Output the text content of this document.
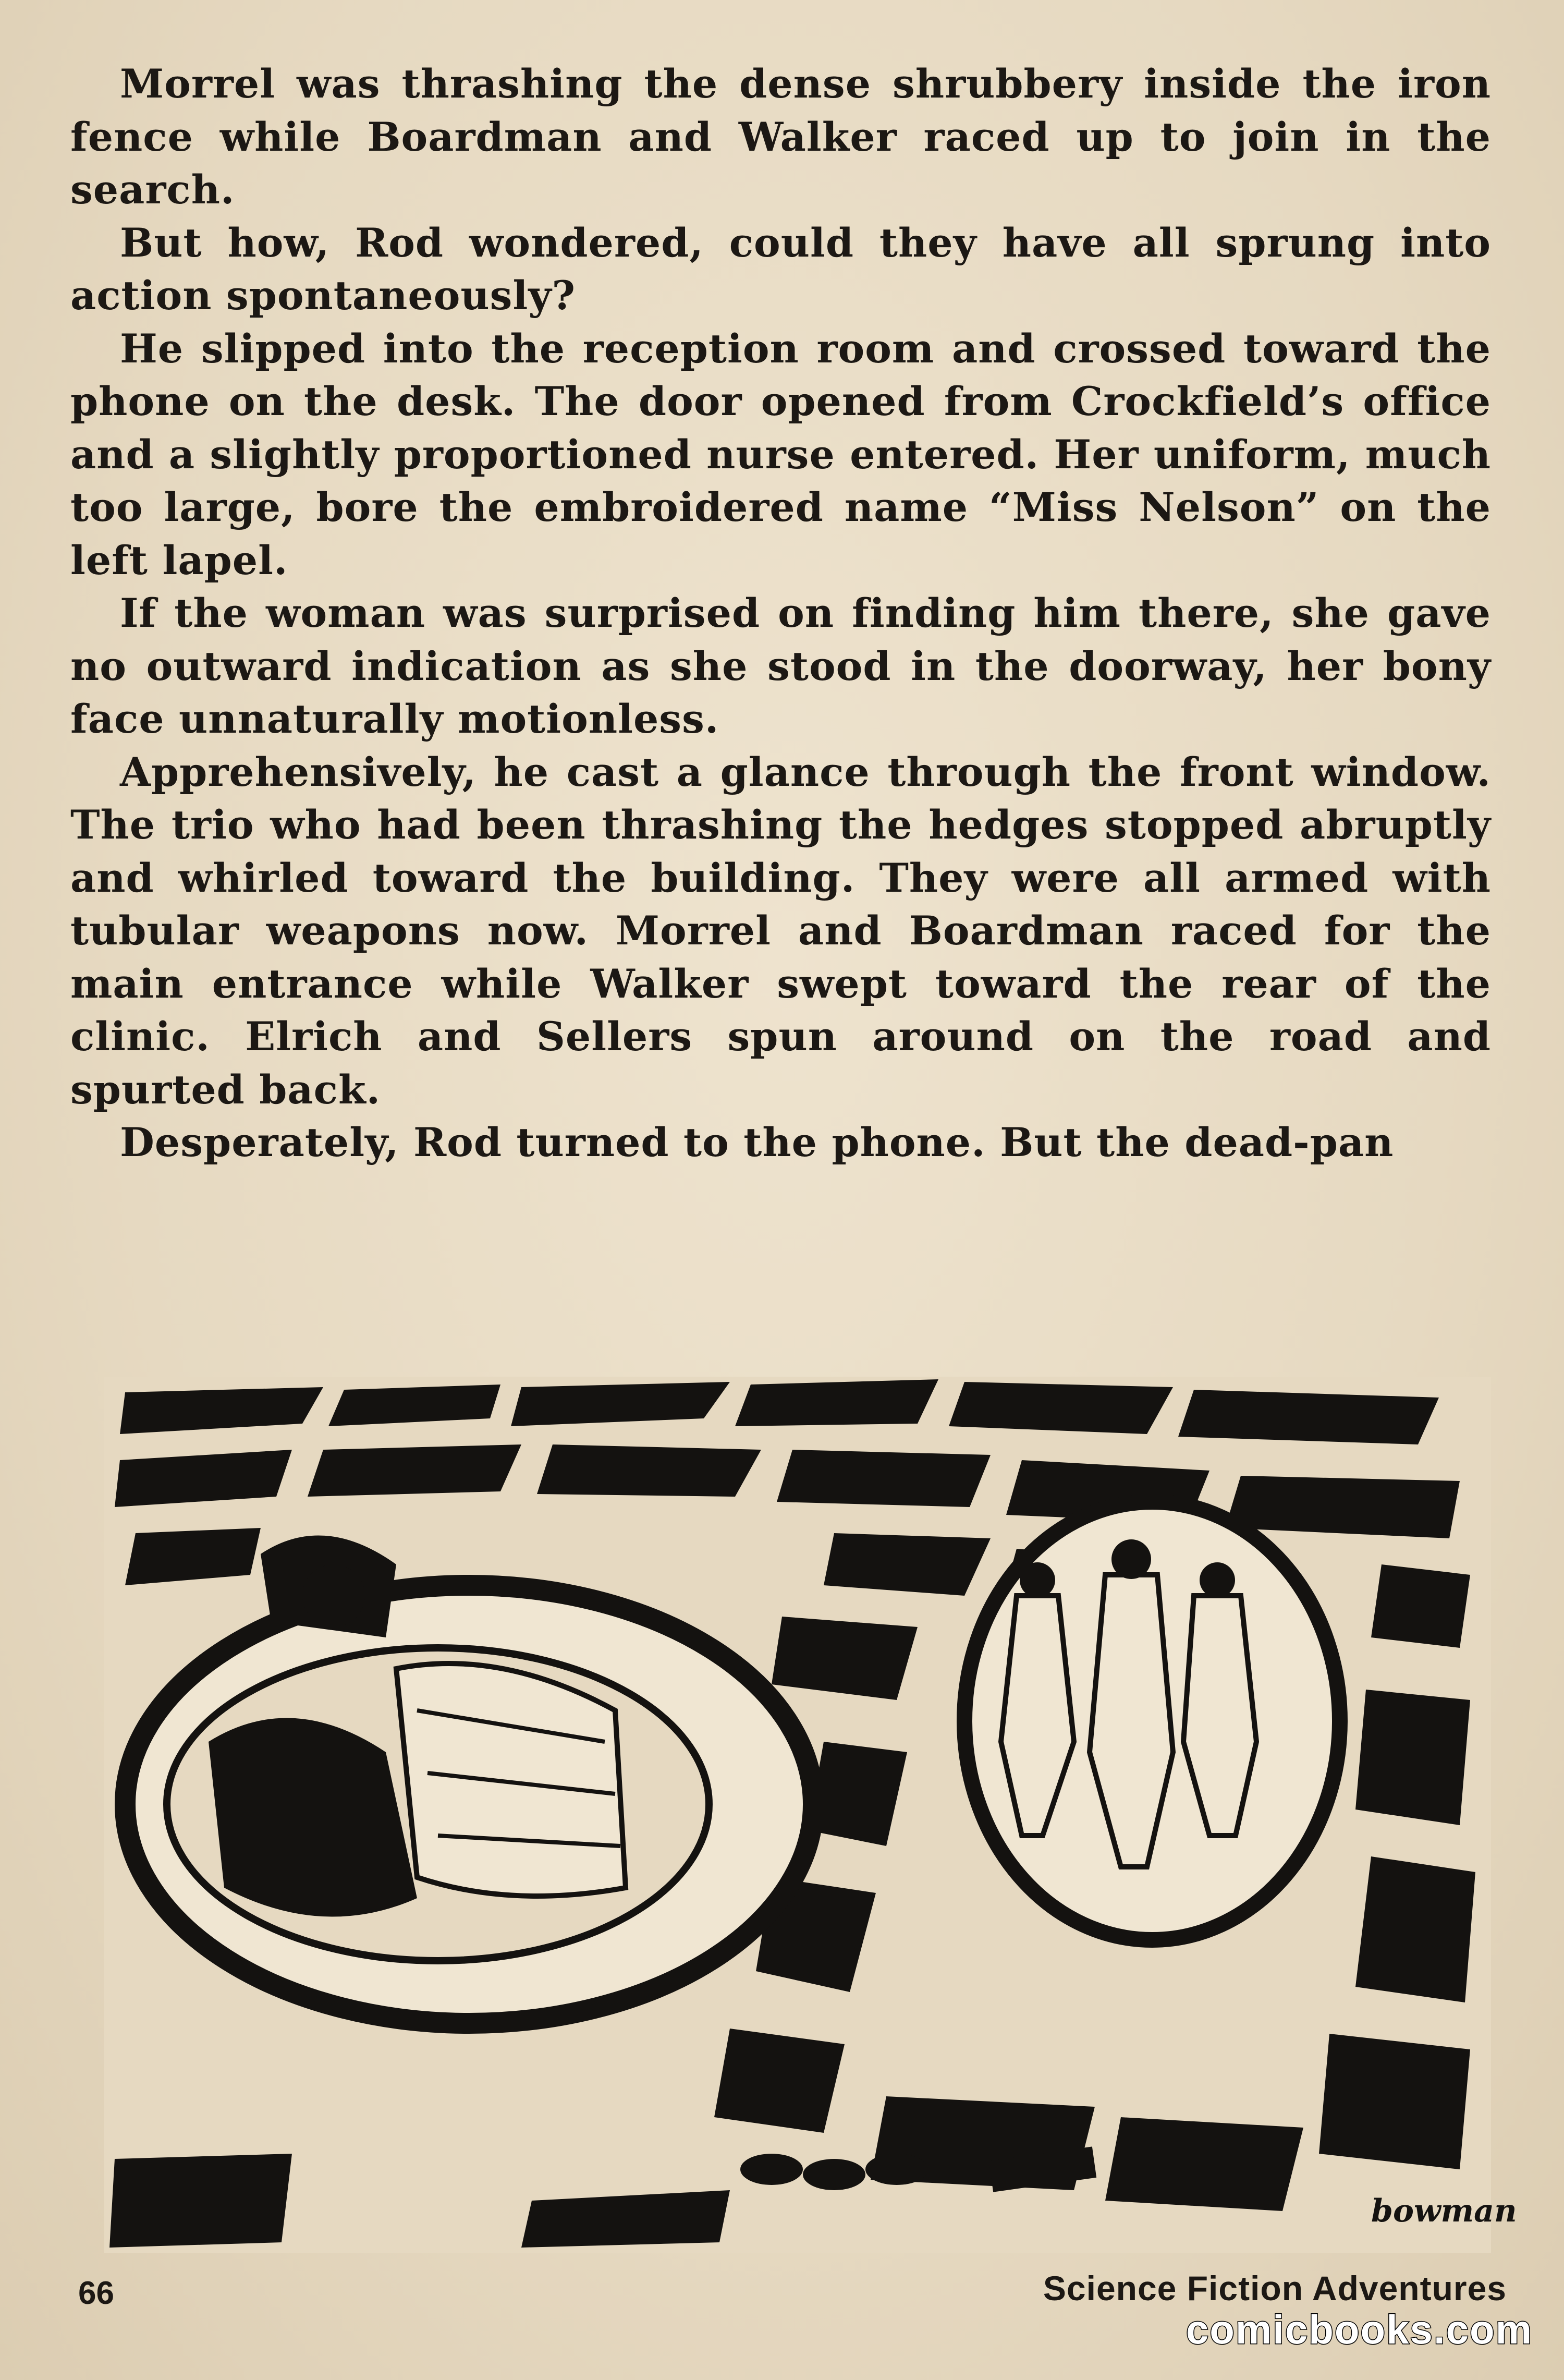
Morrel was thrashing the dense shrubbery inside the iron fence while Boardman and Walker raced up to join in the search.

But how, Rod wondered, could they have all sprung into action spontaneously?

He slipped into the reception room and crossed toward the phone on the desk. The door opened from Crockfield’s office and a slightly proportioned nurse entered. Her uniform, much too large, bore the embroidered name “Miss Nelson” on the left lapel.

If the woman was surprised on finding him there, she gave no outward indication as she stood in the doorway, her bony face unnaturally motionless.

Apprehensively, he cast a glance through the front window. The trio who had been thrashing the hedges stopped abruptly and whirled toward the building. They were all armed with tubular weapons now. Morrel and Boardman raced for the main entrance while Walker swept toward the rear of the clinic. Elrich and Sellers spun around on the road and spurted back.

Desperately, Rod turned to the phone. But the dead-pan

bowman
66	Science Fiction Adventures
comicbooks.com
